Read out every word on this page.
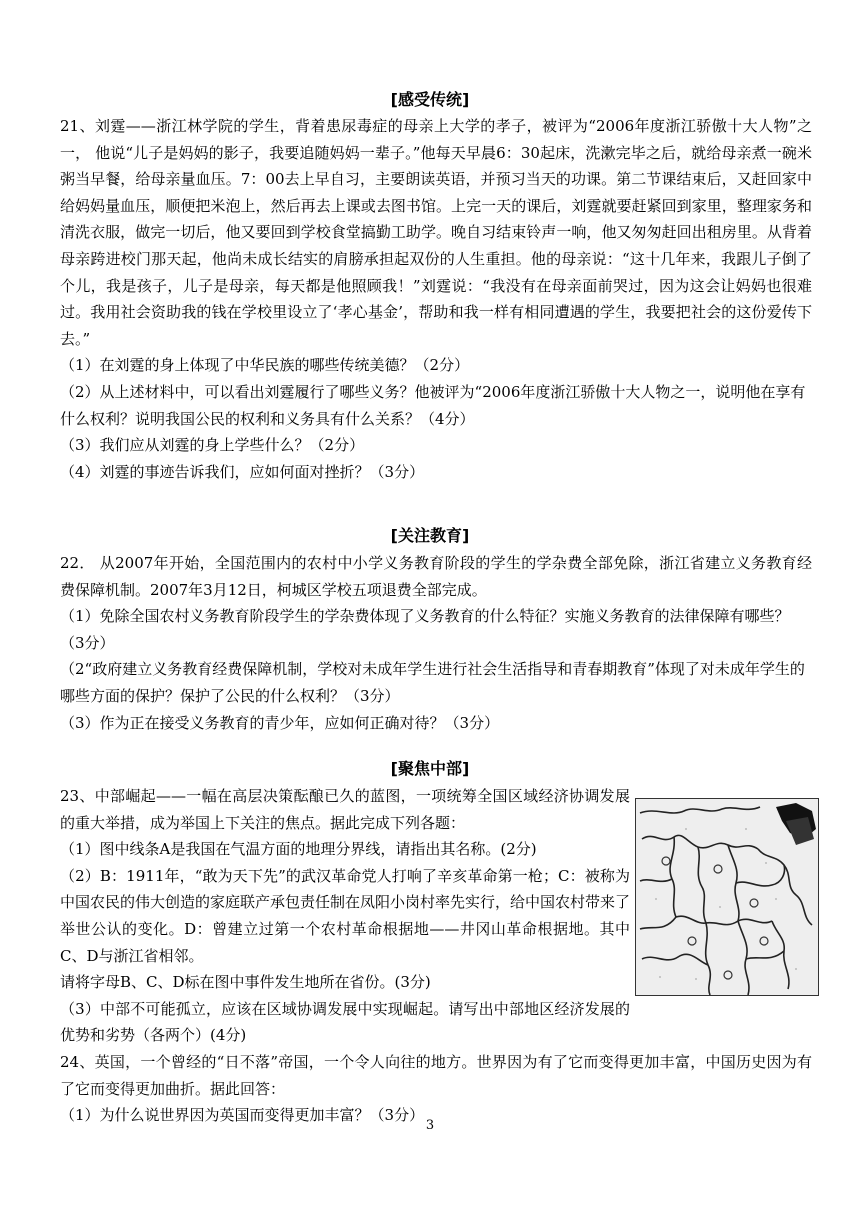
[感受传统]

21、刘霆——浙江林学院的学生，背着患尿毒症的母亲上大学的孝子，被评为“2006年度浙江骄傲十大人物”之一， 他说“儿子是妈妈的影子，我要追随妈妈一辈子。”他每天早晨6：30起床，洗漱完毕之后，就给母亲煮一碗米粥当早餐，给母亲量血压。7：00去上早自习，主要朗读英语，并预习当天的功课。第二节课结束后，又赶回家中给妈妈量血压，顺便把米泡上，然后再去上课或去图书馆。上完一天的课后，刘霆就要赶紧回到家里，整理家务和清洗衣服，做完一切后，他又要回到学校食堂搞勤工助学。晚自习结束铃声一响，他又匆匆赶回出租房里。从背着母亲跨进校门那天起，他尚未成长结实的肩膀承担起双份的人生重担。他的母亲说：“这十几年来，我跟儿子倒了个儿，我是孩子，儿子是母亲，每天都是他照顾我！”刘霆说：“我没有在母亲面前哭过，因为这会让妈妈也很难过。我用社会资助我的钱在学校里设立了‘孝心基金’，帮助和我一样有相同遭遇的学生，我要把社会的这份爱传下去。”

（1）在刘霆的身上体现了中华民族的哪些传统美德？（2分）

（2）从上述材料中，可以看出刘霆履行了哪些义务？他被评为“2006年度浙江骄傲十大人物之一，说明他在享有什么权利？说明我国公民的权利和义务具有什么关系？（4分）

（3）我们应从刘霆的身上学些什么？（2分）

（4）刘霆的事迹告诉我们，应如何面对挫折？（3分）

[关注教育]

22． 从2007年开始，全国范围内的农村中小学义务教育阶段的学生的学杂费全部免除，浙江省建立义务教育经费保障机制。2007年3月12日，柯城区学校五项退费全部完成。

（1）免除全国农村义务教育阶段学生的学杂费体现了义务教育的什么特征？实施义务教育的法律保障有哪些？（3分）

（2“政府建立义务教育经费保障机制，学校对未成年学生进行社会生活指导和青春期教育”体现了对未成年学生的哪些方面的保护？保护了公民的什么权利？（3分）

（3）作为正在接受义务教育的青少年，应如何正确对待？（3分）

[聚焦中部]

23、中部崛起——一幅在高层决策酝酿已久的蓝图，一项统筹全国区域经济协调发展的重大举措，成为举国上下关注的焦点。据此完成下列各题：

（1）图中线条A是我国在气温方面的地理分界线，请指出其名称。(2分)

（2）B：1911年，“敢为天下先”的武汉革命党人打响了辛亥革命第一枪；C：被称为中国农民的伟大创造的家庭联产承包责任制在凤阳小岗村率先实行，给中国农村带来了举世公认的变化。D：曾建立过第一个农村革命根据地——井冈山革命根据地。其中C、D与浙江省相邻。

请将字母B、C、D标在图中事件发生地所在省份。(3分)

（3）中部不可能孤立，应该在区域协调发展中实现崛起。请写出中部地区经济发展的优势和劣势（各两个）(4分)

24、英国，一个曾经的“日不落”帝国，一个令人向往的地方。世界因为有了它而变得更加丰富，中国历史因为有了它而变得更加曲折。据此回答：

（1）为什么说世界因为英国而变得更加丰富？（3分）

3
